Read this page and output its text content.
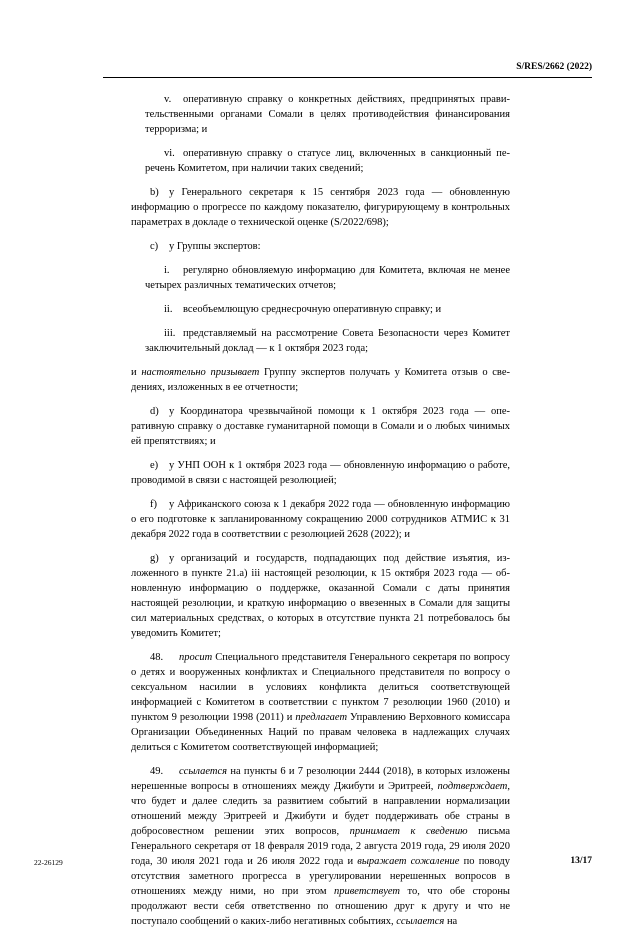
S/RES/2662 (2022)

v. оперативную справку о конкретных действиях, предпринятых правительственными органами Сомали в целях противодействия финансирования терроризма; и

vi. оперативную справку о статусе лиц, включенных в санкционный перечень Комитетом, при наличии таких сведений;

b) у Генерального секретаря к 15 сентября 2023 года — обновленную информацию о прогрессе по каждому показателю, фигурирующему в контрольных параметрах в докладе о технической оценке (S/2022/698);

c) у Группы экспертов:

i. регулярно обновляемую информацию для Комитета, включая не менее четырех различных тематических отчетов;

ii. всеобъемлющую среднесрочную оперативную справку; и

iii. представляемый на рассмотрение Совета Безопасности через Комитет заключительный доклад — к 1 октября 2023 года;

и настоятельно призывает Группу экспертов получать у Комитета отзыв о сведениях, изложенных в ее отчетности;

d) у Координатора чрезвычайной помощи к 1 октября 2023 года — оперативную справку о доставке гуманитарной помощи в Сомали и о любых чинимых ей препятствиях; и

e) у УНП ООН к 1 октября 2023 года — обновленную информацию о работе, проводимой в связи с настоящей резолюцией;

f) у Африканского союза к 1 декабря 2022 года — обновленную информацию о его подготовке к запланированному сокращению 2000 сотрудников АТМИС к 31 декабря 2022 года в соответствии с резолюцией 2628 (2022); и

g) у организаций и государств, подпадающих под действие изъятия, изложенного в пункте 21.a) iii настоящей резолюции, к 15 октября 2023 года — обновленную информацию о поддержке, оказанной Сомали с даты принятия настоящей резолюции, и краткую информацию о ввезенных в Сомали для защиты сил материальных средствах, о которых в отсутствие пункта 21 потребовалось бы уведомить Комитет;

48. просит Специального представителя Генерального секретаря по вопросу о детях и вооруженных конфликтах и Специального представителя по вопросу о сексуальном насилии в условиях конфликта делиться соответствующей информацией с Комитетом в соответствии с пунктом 7 резолюции 1960 (2010) и пунктом 9 резолюции 1998 (2011) и предлагает Управлению Верховного комиссара Организации Объединенных Наций по правам человека в надлежащих случаях делиться с Комитетом соответствующей информацией;

49. ссылается на пункты 6 и 7 резолюции 2444 (2018), в которых изложены нерешенные вопросы в отношениях между Джибути и Эритреей, подтверждает, что будет и далее следить за развитием событий в направлении нормализации отношений между Эритреей и Джибути и будет поддерживать обе страны в добросовестном решении этих вопросов, принимает к сведению письма Генерального секретаря от 18 февраля 2019 года, 2 августа 2019 года, 29 июля 2020 года, 30 июля 2021 года и 26 июля 2022 года и выражает сожаление по поводу отсутствия заметного прогресса в урегулировании нерешенных вопросов в отношениях между ними, но при этом приветствует то, что обе стороны продолжают вести себя ответственно по отношению друг к другу и что не поступало сообщений о каких-либо негативных событиях, ссылается на

22-26129	13/17
